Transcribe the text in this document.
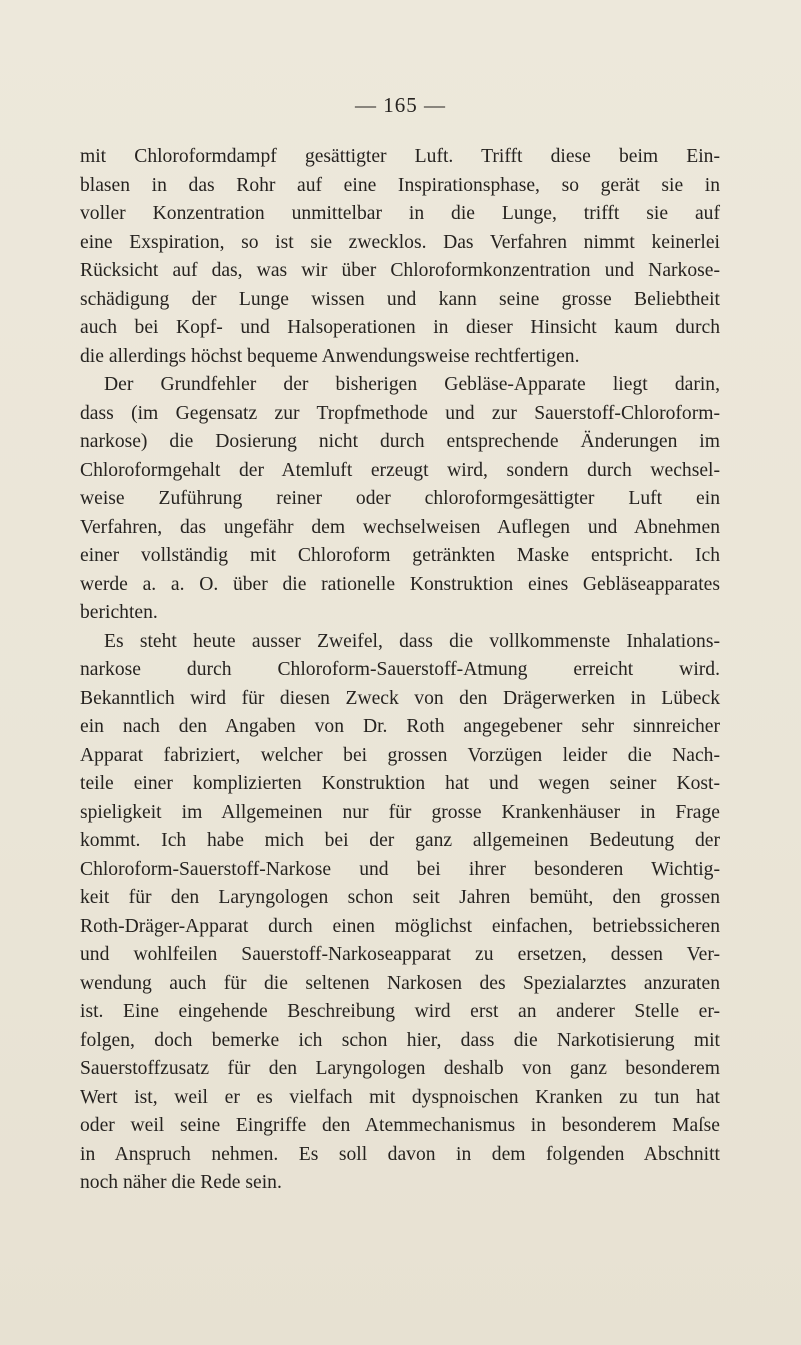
— 165 —

mit Chloroformdampf gesättigter Luft. Trifft diese beim Ein-
blasen in das Rohr auf eine Inspirationsphase, so gerät sie in
voller Konzentration unmittelbar in die Lunge, trifft sie auf
eine Exspiration, so ist sie zwecklos. Das Verfahren nimmt keinerlei
Rücksicht auf das, was wir über Chloroformkonzentration und Narkose-
schädigung der Lunge wissen und kann seine grosse Beliebtheit
auch bei Kopf- und Halsoperationen in dieser Hinsicht kaum durch
die allerdings höchst bequeme Anwendungsweise rechtfertigen.

Der Grundfehler der bisherigen Gebläse-Apparate liegt darin,
dass (im Gegensatz zur Tropfmethode und zur Sauerstoff-Chloroform-
narkose) die Dosierung nicht durch entsprechende Änderungen im
Chloroformgehalt der Atemluft erzeugt wird, sondern durch wechsel-
weise Zuführung reiner oder chloroformgesättigter Luft ein
Verfahren, das ungefähr dem wechselweisen Auflegen und Abnehmen
einer vollständig mit Chloroform getränkten Maske entspricht. Ich
werde a. a. O. über die rationelle Konstruktion eines Gebläseapparates
berichten.

Es steht heute ausser Zweifel, dass die vollkommenste Inhalations-
narkose durch Chloroform-Sauerstoff-Atmung erreicht wird.
Bekanntlich wird für diesen Zweck von den Drägerwerken in Lübeck
ein nach den Angaben von Dr. Roth angegebener sehr sinnreicher
Apparat fabriziert, welcher bei grossen Vorzügen leider die Nach-
teile einer komplizierten Konstruktion hat und wegen seiner Kost-
spieligkeit im Allgemeinen nur für grosse Krankenhäuser in Frage
kommt. Ich habe mich bei der ganz allgemeinen Bedeutung der
Chloroform-Sauerstoff-Narkose und bei ihrer besonderen Wichtig-
keit für den Laryngologen schon seit Jahren bemüht, den grossen
Roth-Dräger-Apparat durch einen möglichst einfachen, betriebssicheren
und wohlfeilen Sauerstoff-Narkoseapparat zu ersetzen, dessen Ver-
wendung auch für die seltenen Narkosen des Spezialarztes anzuraten
ist. Eine eingehende Beschreibung wird erst an anderer Stelle er-
folgen, doch bemerke ich schon hier, dass die Narkotisierung mit
Sauerstoffzusatz für den Laryngologen deshalb von ganz besonderem
Wert ist, weil er es vielfach mit dyspnoischen Kranken zu tun hat
oder weil seine Eingriffe den Atemmechanismus in besonderem Maſse
in Anspruch nehmen. Es soll davon in dem folgenden Abschnitt
noch näher die Rede sein.
